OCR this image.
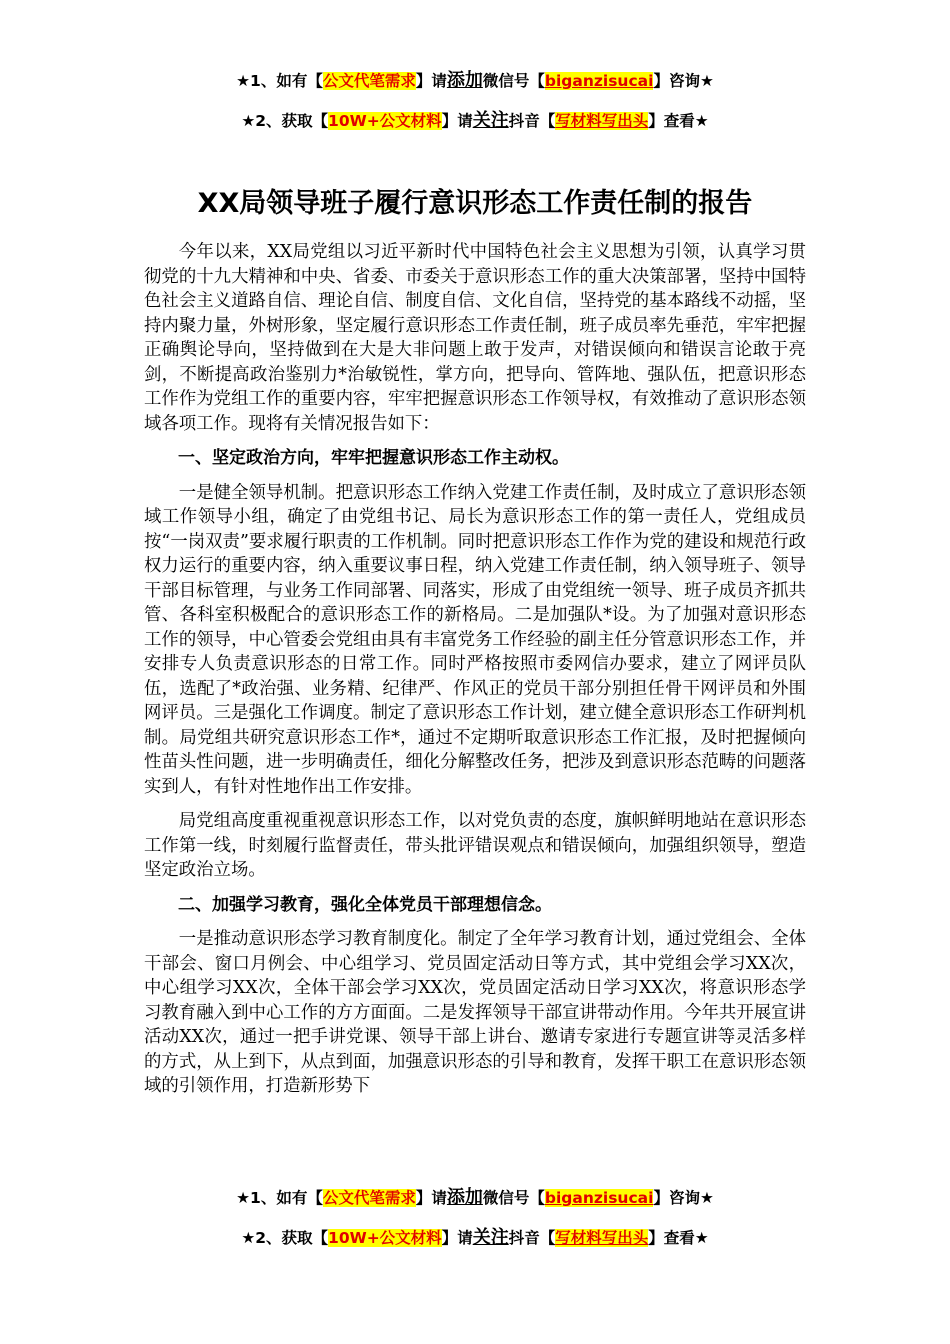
★1、如有【公文代笔需求】请添加微信号【biganzisucai】咨询★
★2、获取【10W+公文材料】请关注抖音【写材料写出头】查看★
XX局领导班子履行意识形态工作责任制的报告

今年以来，XX局党组以习近平新时代中国特色社会主义思想为引领，认真学习贯彻党的十九大精神和中央、省委、市委关于意识形态工作的重大决策部署，坚持中国特色社会主义道路自信、理论自信、制度自信、文化自信，坚持党的基本路线不动摇，坚持内聚力量，外树形象，坚定履行意识形态工作责任制，班子成员率先垂范，牢牢把握正确舆论导向，坚持做到在大是大非问题上敢于发声，对错误倾向和错误言论敢于亮剑，不断提高政治鉴别力*治敏锐性，掌方向，把导向、管阵地、强队伍，把意识形态工作作为党组工作的重要内容，牢牢把握意识形态工作领导权，有效推动了意识形态领域各项工作。现将有关情况报告如下：

一、坚定政治方向，牢牢把握意识形态工作主动权。

一是健全领导机制。把意识形态工作纳入党建工作责任制，及时成立了意识形态领域工作领导小组，确定了由党组书记、局长为意识形态工作的第一责任人，党组成员按“一岗双责”要求履行职责的工作机制。同时把意识形态工作作为党的建设和规范行政权力运行的重要内容，纳入重要议事日程，纳入党建工作责任制，纳入领导班子、领导干部目标管理，与业务工作同部署、同落实，形成了由党组统一领导、班子成员齐抓共管、各科室积极配合的意识形态工作的新格局。二是加强队*设。为了加强对意识形态工作的领导，中心管委会党组由具有丰富党务工作经验的副主任分管意识形态工作，并安排专人负责意识形态的日常工作。同时严格按照市委网信办要求，建立了网评员队伍，选配了*政治强、业务精、纪律严、作风正的党员干部分别担任骨干网评员和外围网评员。三是强化工作调度。制定了意识形态工作计划，建立健全意识形态工作研判机制。局党组共研究意识形态工作*，通过不定期听取意识形态工作汇报，及时把握倾向性苗头性问题，进一步明确责任，细化分解整改任务，把涉及到意识形态范畴的问题落实到人，有针对性地作出工作安排。

局党组高度重视重视意识形态工作，以对党负责的态度，旗帜鲜明地站在意识形态工作第一线，时刻履行监督责任，带头批评错误观点和错误倾向，加强组织领导，塑造坚定政治立场。

二、加强学习教育，强化全体党员干部理想信念。

一是推动意识形态学习教育制度化。制定了全年学习教育计划，通过党组会、全体干部会、窗口月例会、中心组学习、党员固定活动日等方式，其中党组会学习XX次，中心组学习XX次，全体干部会学习XX次，党员固定活动日学习XX次，将意识形态学习教育融入到中心工作的方方面面。二是发挥领导干部宣讲带动作用。今年共开展宣讲活动XX次，通过一把手讲党课、领导干部上讲台、邀请专家进行专题宣讲等灵活多样的方式，从上到下，从点到面，加强意识形态的引导和教育，发挥干职工在意识形态领域的引领作用，打造新形势下

★1、如有【公文代笔需求】请添加微信号【biganzisucai】咨询★
★2、获取【10W+公文材料】请关注抖音【写材料写出头】查看★
